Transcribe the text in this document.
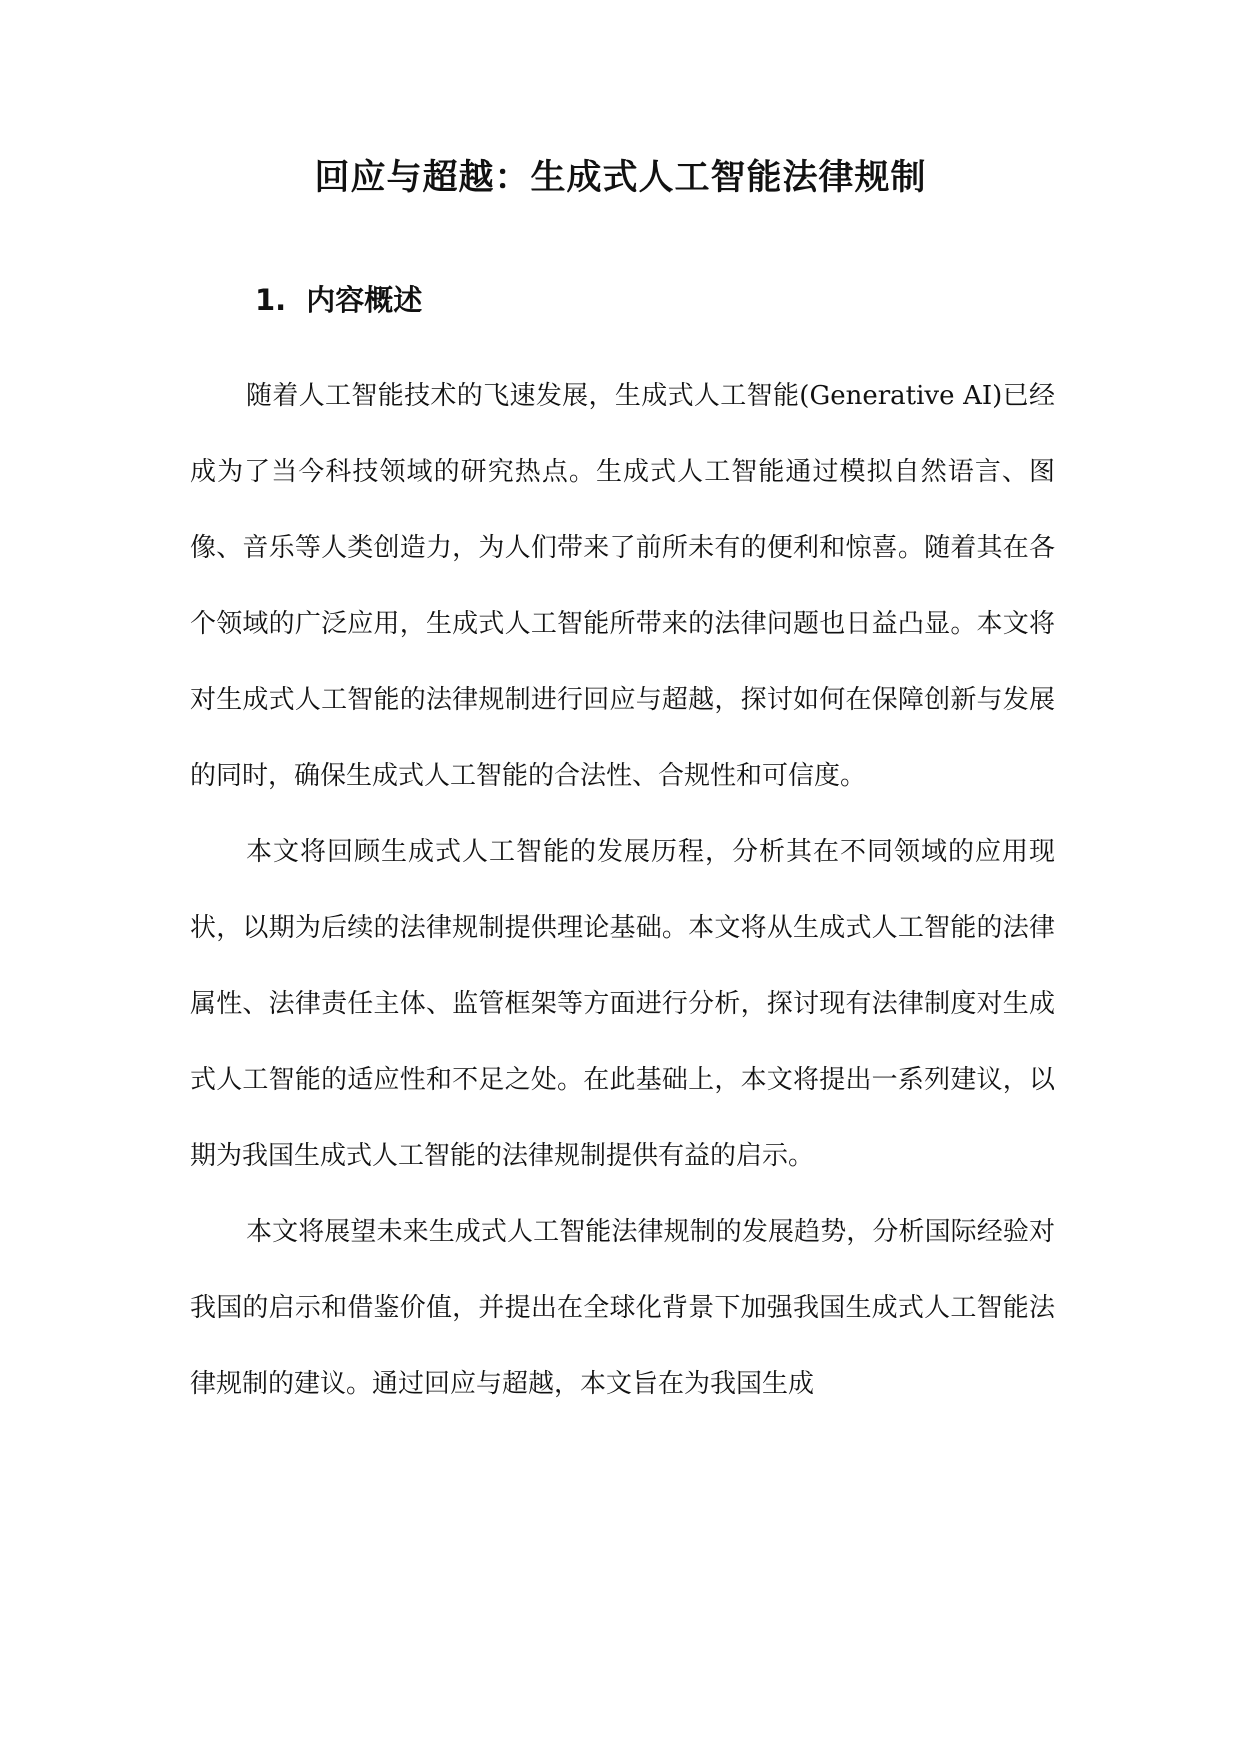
回应与超越：生成式人工智能法律规制
1. 内容概述

随着人工智能技术的飞速发展，生成式人工智能(Generative AI)已经成为了当今科技领域的研究热点。生成式人工智能通过模拟自然语言、图像、音乐等人类创造力，为人们带来了前所未有的便利和惊喜。随着其在各个领域的广泛应用，生成式人工智能所带来的法律问题也日益凸显。本文将对生成式人工智能的法律规制进行回应与超越，探讨如何在保障创新与发展的同时，确保生成式人工智能的合法性、合规性和可信度。

本文将回顾生成式人工智能的发展历程，分析其在不同领域的应用现状，以期为后续的法律规制提供理论基础。本文将从生成式人工智能的法律属性、法律责任主体、监管框架等方面进行分析，探讨现有法律制度对生成式人工智能的适应性和不足之处。在此基础上，本文将提出一系列建议，以期为我国生成式人工智能的法律规制提供有益的启示。

本文将展望未来生成式人工智能法律规制的发展趋势，分析国际经验对我国的启示和借鉴价值，并提出在全球化背景下加强我国生成式人工智能法律规制的建议。通过回应与超越，本文旨在为我国生成
